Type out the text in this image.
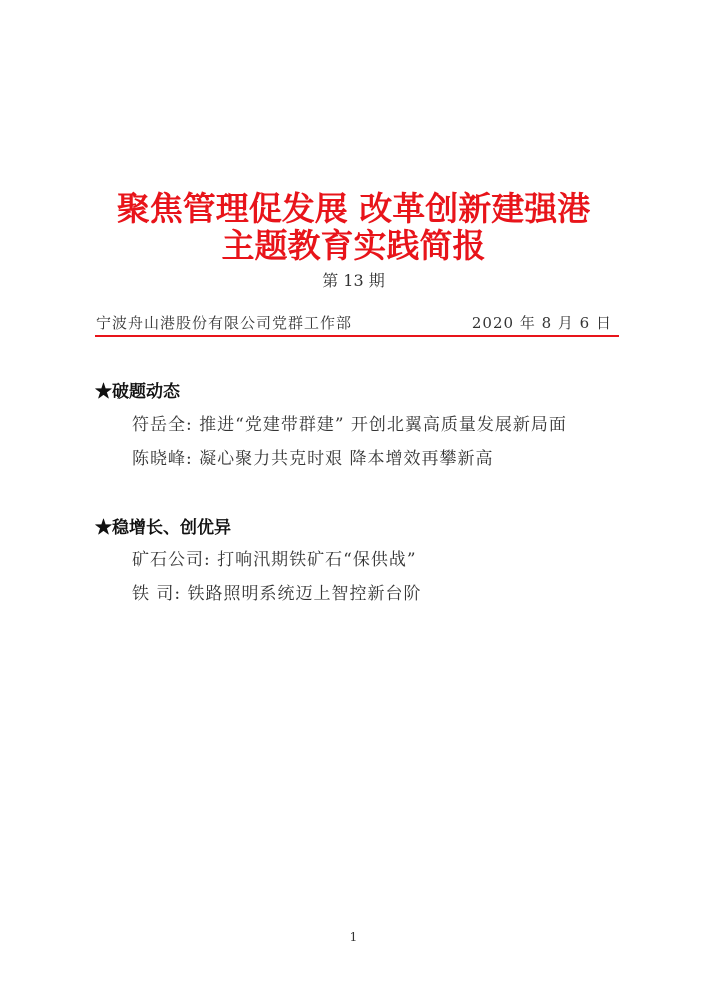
聚焦管理促发展 改革创新建强港
主题教育实践简报
第 13 期
宁波舟山港股份有限公司党群工作部	2020 年 8 月 6 日
★破题动态
符岳全: 推进“党建带群建” 开创北翼高质量发展新局面
陈晓峰: 凝心聚力共克时艰 降本增效再攀新高
★稳增长、创优异
矿石公司: 打响汛期铁矿石“保供战”
铁 司: 铁路照明系统迈上智控新台阶
1
